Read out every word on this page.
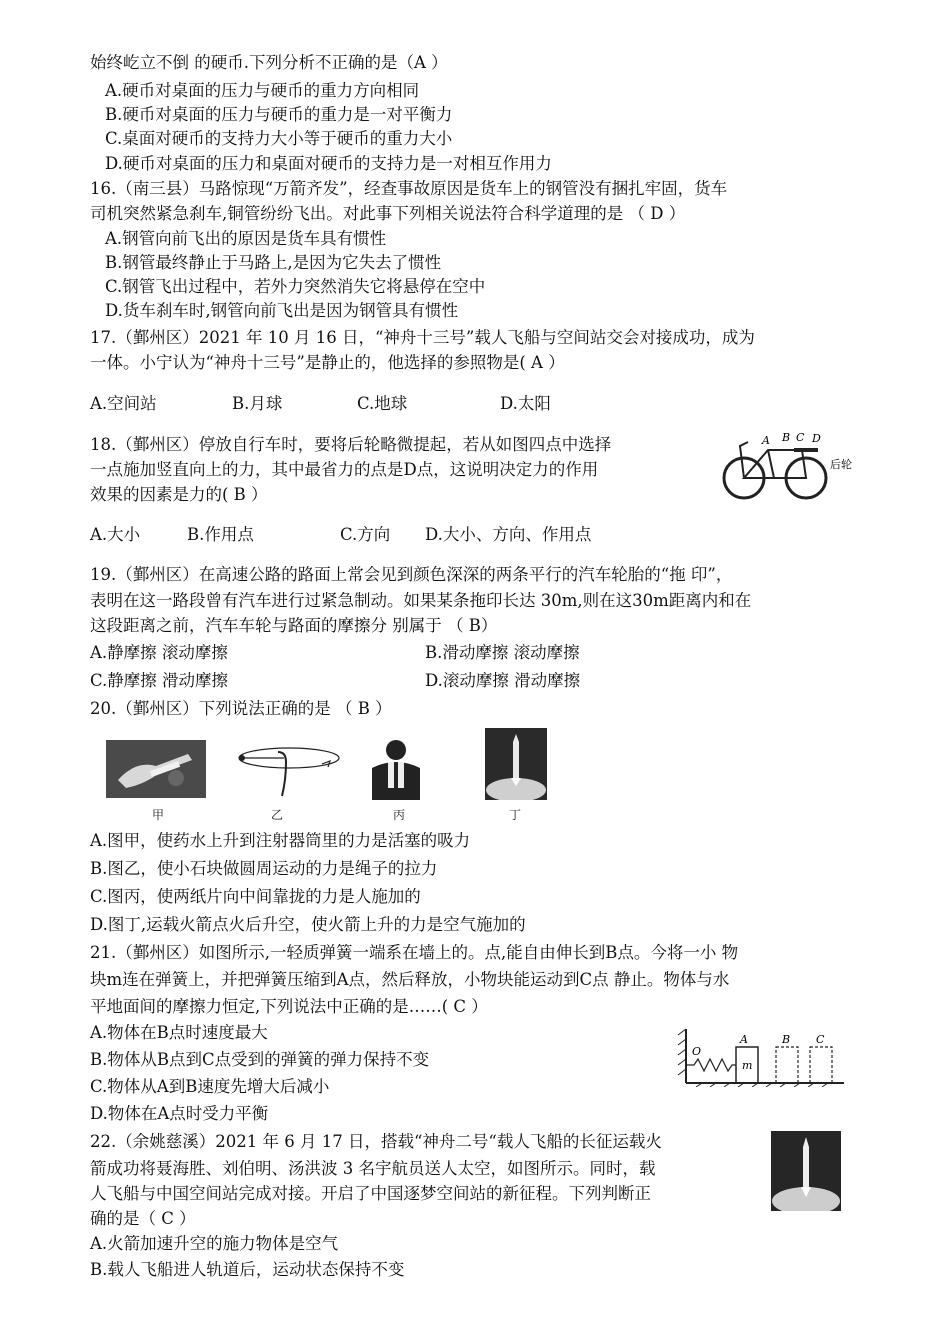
始终屹立不倒 的硬币.下列分析不正确的是（A ）
A.硬币对桌面的压力与硬币的重力方向相同
B.硬币对桌面的压力与硬币的重力是一对平衡力
C.桌面对硬币的支持力大小等于硬币的重力大小
D.硬币对桌面的压力和桌面对硬币的支持力是一对相互作用力
16.（南三县）马路惊现“万箭齐发”，经查事故原因是货车上的钢管没有捆扎牢固，货车
司机突然紧急刹车,铜管纷纷飞出。对此事下列相关说法符合科学道理的是 （ D ）
A.钢管向前飞出的原因是货车具有惯性
B.钢管最终静止于马路上,是因为它失去了惯性
C.钢管飞出过程中，若外力突然消失它将悬停在空中
D.货车刹车时,钢管向前飞出是因为钢管具有惯性
17.（鄞州区）2021 年 10 月 16 日，“神舟十三号”载人飞船与空间站交会对接成功，成为
一体。小宁认为“神舟十三号”是静止的，他选择的参照物是( A ）
A.空间站	B.月球	C.地球	D.太阳
18.（鄞州区）停放自行车时，要将后轮略微提起，若从如图四点中选择
一点施加竖直向上的力，其中最省力的点是D点，这说明决定力的作用
效果的因素是力的( B ）
A.大小	B.作用点	C.方向 D.大小、方向、作用点
A B C D
后轮
19.（鄞州区）在高速公路的路面上常会见到颜色深深的两条平行的汽车轮胎的“拖 印”，
表明在这一路段曾有汽车进行过紧急制动。如果某条拖印长达 30m,则在这30m距离内和在
这段距离之前，汽车车轮与路面的摩擦分 别属于 （ B）
A.静摩擦 滚动摩擦	B.滑动摩擦 滚动摩擦
C.静摩擦 滑动摩擦	D.滚动摩擦 滑动摩擦
20.（鄞州区）下列说法正确的是 （ B ）
甲	乙	丙	丁
A.图甲，使药水上升到注射器筒里的力是活塞的吸力
B.图乙，使小石块做圆周运动的力是绳子的拉力
C.图丙，使两纸片向中间靠拢的力是人施加的
D.图丁,运载火箭点火后升空，使火箭上升的力是空气施加的
21.（鄞州区）如图所示,一轻质弹簧一端系在墙上的。点,能自由伸长到B点。今将一小 物
块m连在弹簧上，并把弹簧压缩到A点，然后释放，小物块能运动到C点 静止。物体与水
平地面间的摩擦力恒定,下列说法中正确的是……( C ）
A.物体在B点时速度最大
B.物体从B点到C点受到的弹簧的弹力保持不变
C.物体从A到B速度先增大后减小
D.物体在A点时受力平衡
O
A	B C
m
22.（余姚慈溪）2021 年 6 月 17 日，搭载“神舟二号“载人飞船的长征运载火
箭成功将聂海胜、刘伯明、汤洪波 3 名宇航员送人太空，如图所示。同时，载
人飞船与中国空间站完成对接。开启了中国逐梦空间站的新征程。下列判断正
确的是（ C ）
A.火箭加速升空的施力物体是空气
B.载人飞船进人轨道后，运动状态保持不变
